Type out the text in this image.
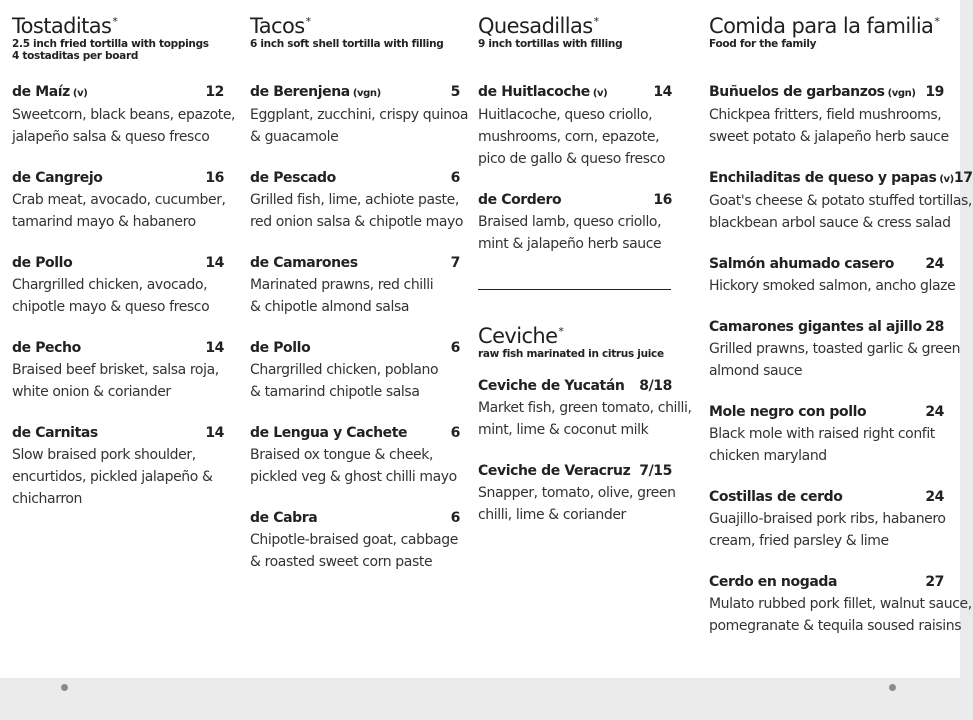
Tostaditas*
2.5 inch fried tortilla with toppings
4 tostaditas per board
de Maíz (v)	12
Sweetcorn, black beans, epazote,
jalapeño salsa & queso fresco
de Cangrejo	16
Crab meat, avocado, cucumber,
tamarind mayo & habanero
de Pollo	14
Chargrilled chicken, avocado,
chipotle mayo & queso fresco
de Pecho	14
Braised beef brisket, salsa roja,
white onion & coriander
de Carnitas	14
Slow braised pork shoulder,
encurtidos, pickled jalapeño &
chicharron
Tacos*
6 inch soft shell tortilla with filling
de Berenjena (vgn)	5
Eggplant, zucchini, crispy quinoa
& guacamole
de Pescado	6
Grilled fish, lime, achiote paste,
red onion salsa & chipotle mayo
de Camarones	7
Marinated prawns, red chilli
& chipotle almond salsa
de Pollo	6
Chargrilled chicken, poblano
& tamarind chipotle salsa
de Lengua y Cachete	6
Braised ox tongue & cheek,
pickled veg & ghost chilli mayo
de Cabra	6
Chipotle-braised goat, cabbage
& roasted sweet corn paste
Quesadillas*
9 inch tortillas with filling
de Huitlacoche (v)	14
Huitlacoche, queso criollo,
mushrooms, corn, epazote,
pico de gallo & queso fresco
de Cordero	16
Braised lamb, queso criollo,
mint & jalapeño herb sauce
Ceviche*
raw fish marinated in citrus juice
Ceviche de Yucatán 8/18
Market fish, green tomato, chilli,
mint, lime & coconut milk
Ceviche de Veracruz 7/15
Snapper, tomato, olive, green
chilli, lime & coriander
Comida para la familia*
Food for the family
Buñuelos de garbanzos (vgn) 19
Chickpea fritters, field mushrooms,
sweet potato & jalapeño herb sauce
Enchiladitas de queso y papas (v) 17
Goat's cheese & potato stuffed tortillas,
blackbean arbol sauce & cress salad
Salmón ahumado casero 24
Hickory smoked salmon, ancho glaze
Camarones gigantes al ajillo 28
Grilled prawns, toasted garlic & green
almond sauce
Mole negro con pollo	24
Black mole with raised right confit
chicken maryland
Costillas de cerdo	24
Guajillo-braised pork ribs, habanero
cream, fried parsley & lime
Cerdo en nogada	27
Mulato rubbed pork fillet, walnut sauce,
pomegranate & tequila soused raisins
